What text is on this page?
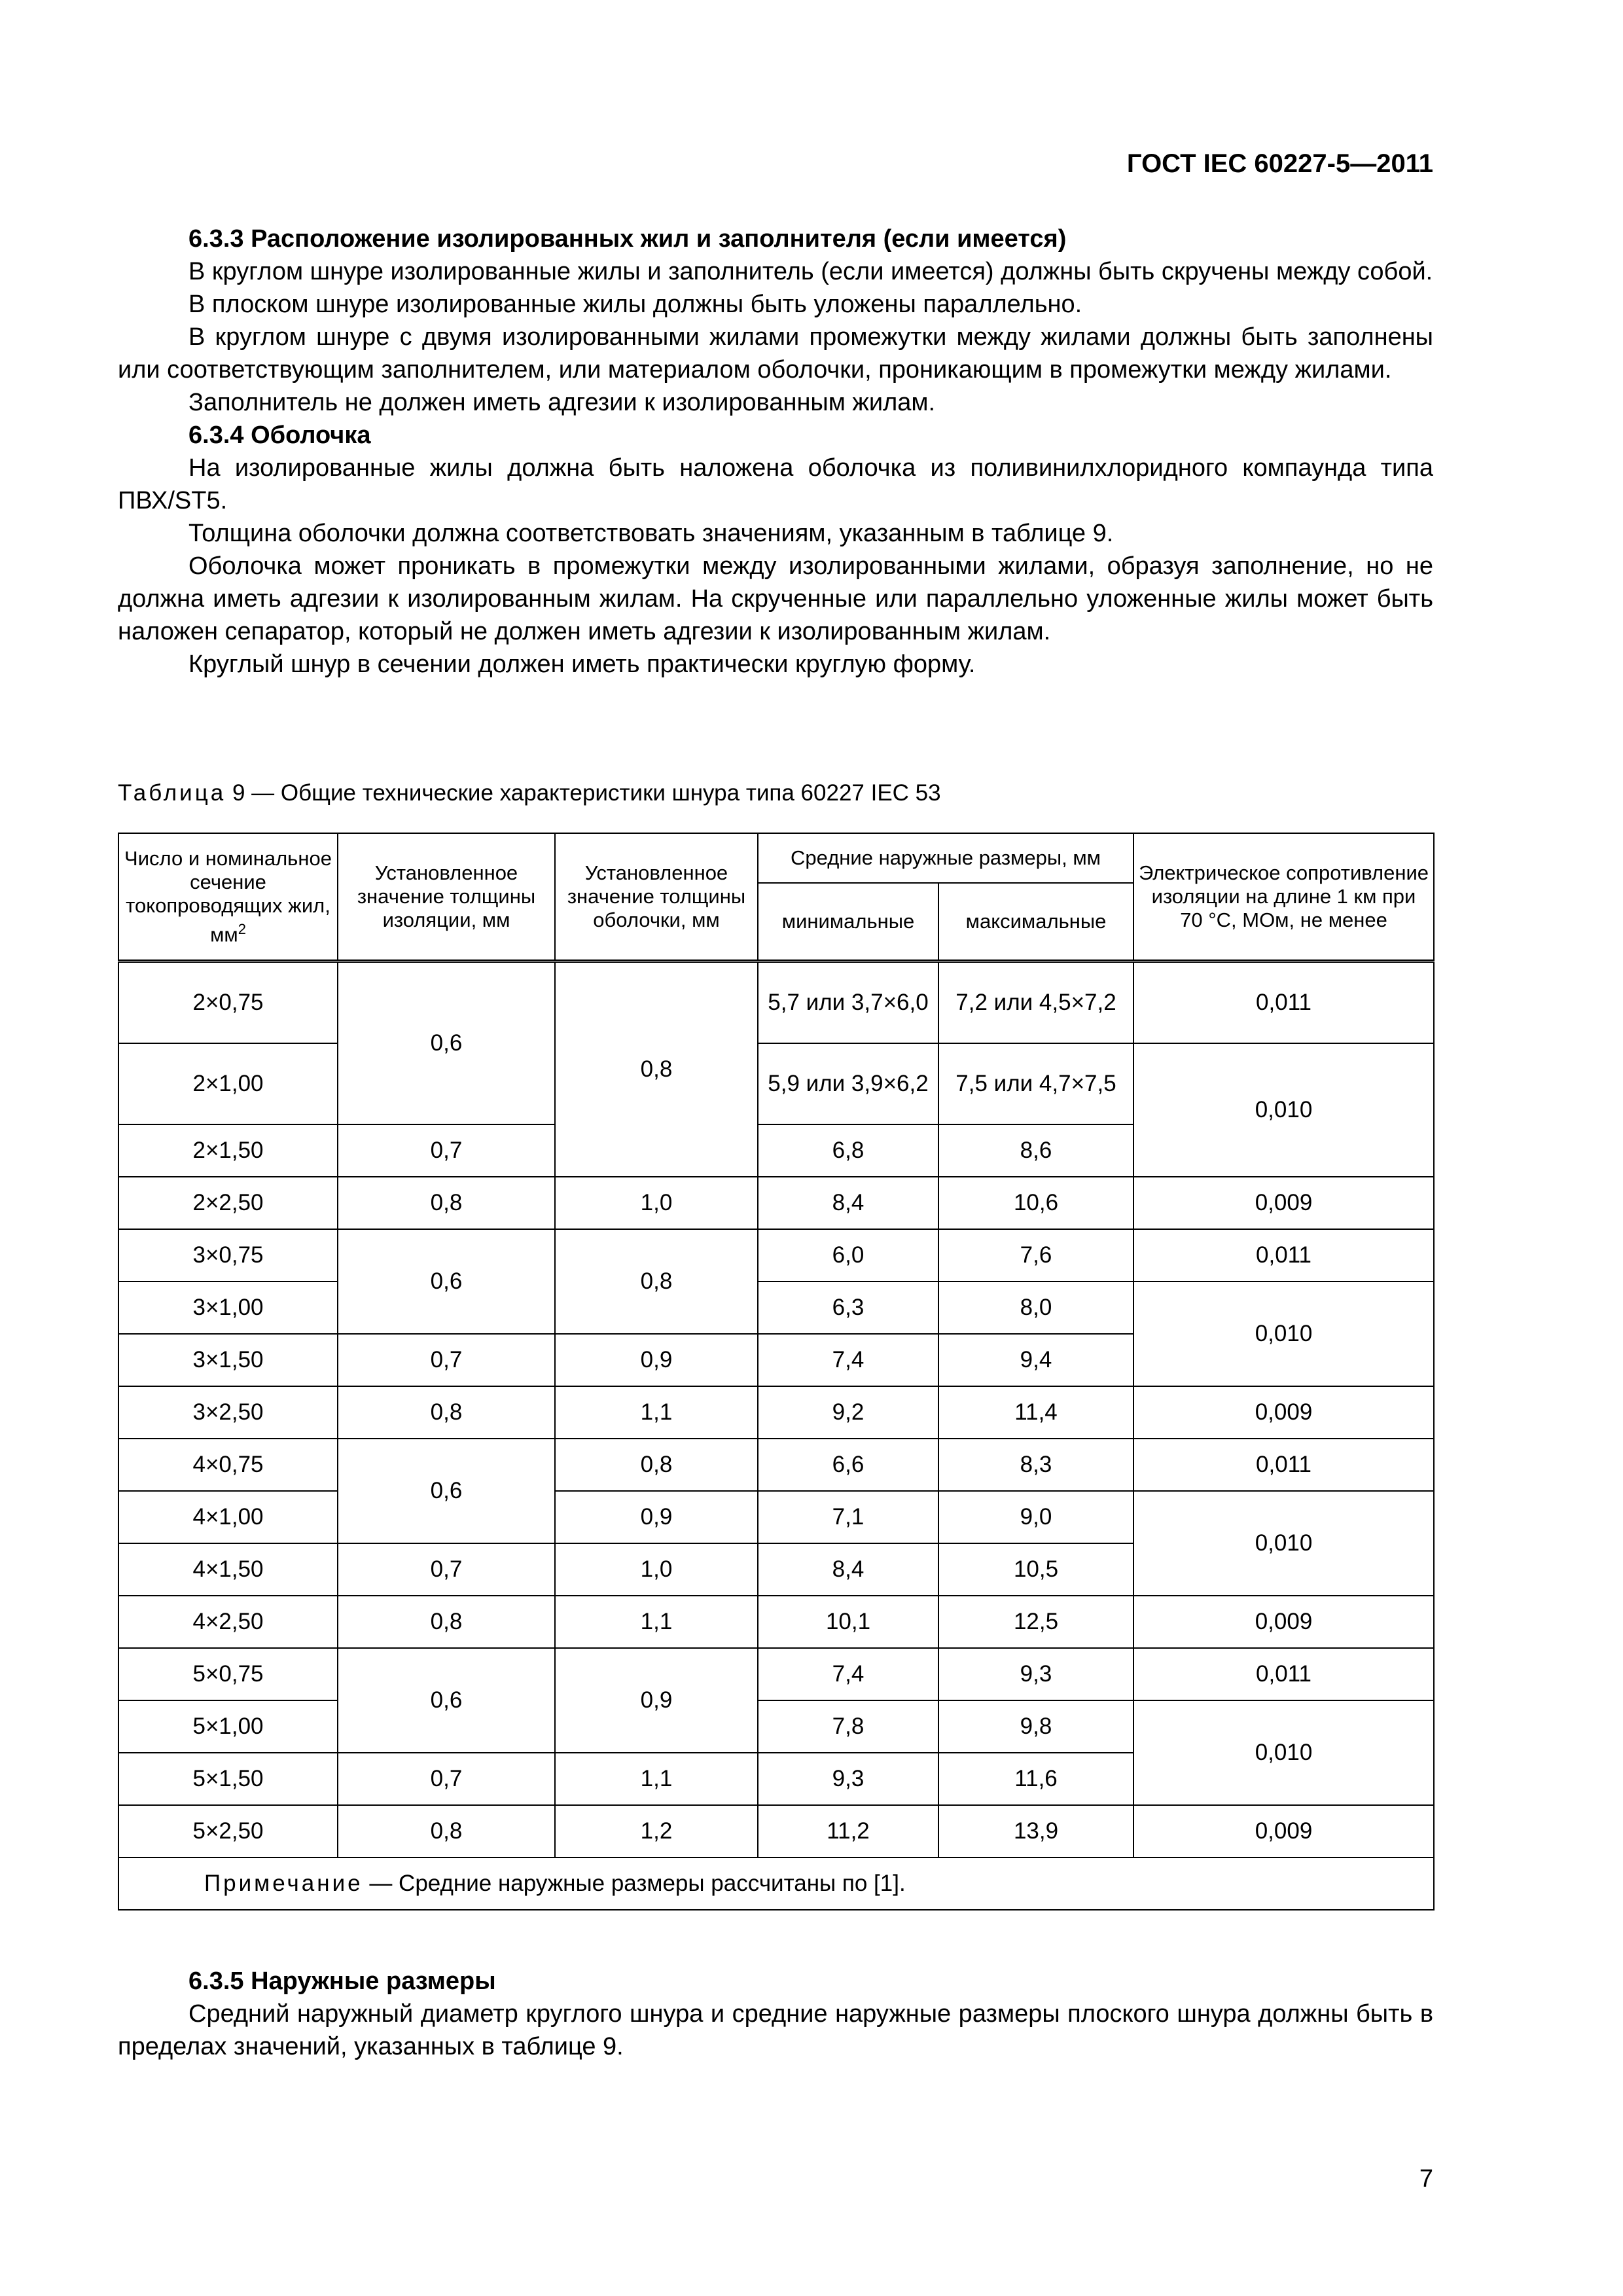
ГОСТ IEC 60227-5—2011

6.3.3 Расположение изолированных жил и заполнителя (если имеется)

В круглом шнуре изолированные жилы и заполнитель (если имеется) должны быть скручены между собой.

В плоском шнуре изолированные жилы должны быть уложены параллельно.

В круглом шнуре с двумя изолированными жилами промежутки между жилами должны быть заполнены или соответствующим заполнителем, или материалом оболочки, проникающим в промежутки между жилами.

Заполнитель не должен иметь адгезии к изолированным жилам.

6.3.4 Оболочка

На изолированные жилы должна быть наложена оболочка из поливинилхлоридного компаунда типа ПВХ/ST5.

Толщина оболочки должна соответствовать значениям, указанным в таблице 9.

Оболочка может проникать в промежутки между изолированными жилами, образуя заполнение, но не должна иметь адгезии к изолированным жилам. На скрученные или параллельно уложенные жилы может быть наложен сепаратор, который не должен иметь адгезии к изолированным жилам.

Круглый шнур в сечении должен иметь практически круглую форму.

Таблица 9 — Общие технические характеристики шнура типа 60227 IEC 53
Число и номинальное сечение токопроводящих жил, $мм^2$	Установленное значение толщины изоляции, мм	Установленное значение толщины оболочки, мм	Средние наружные размеры, мм		Электрическое сопротивление изоляции на длине 1 км при 70 °С, МОм, не менее
			минимальные	максимальные	
2×0,75	0,6	0,8	5,7 или 3,7×6,0	7,2 или 4,5×7,2	0,011
2×1,00			5,9 или 3,9×6,2	7,5 или 4,7×7,5	0,010
2×1,50	0,7		6,8	8,6	
2×2,50	0,8	1,0	8,4	10,6	0,009
3×0,75	0,6	0,8	6,0	7,6	0,011
3×1,00			6,3	8,0	0,010
3×1,50	0,7	0,9	7,4	9,4	
3×2,50	0,8	1,1	9,2	11,4	0,009
4×0,75	0,6	0,8	6,6	8,3	0,011
4×1,00		0,9	7,1	9,0	0,010
4×1,50	0,7	1,0	8,4	10,5	
4×2,50	0,8	1,1	10,1	12,5	0,009
5×0,75	0,6	0,9	7,4	9,3	0,011
5×1,00			7,8	9,8	0,010
5×1,50	0,7	1,1	9,3	11,6	
5×2,50	0,8	1,2	11,2	13,9	0,009
Примечание — Средние наружные размеры рассчитаны по [1].					

6.3.5 Наружные размеры

Средний наружный диаметр круглого шнура и средние наружные размеры плоского шнура должны быть в пределах значений, указанных в таблице 9.

7
